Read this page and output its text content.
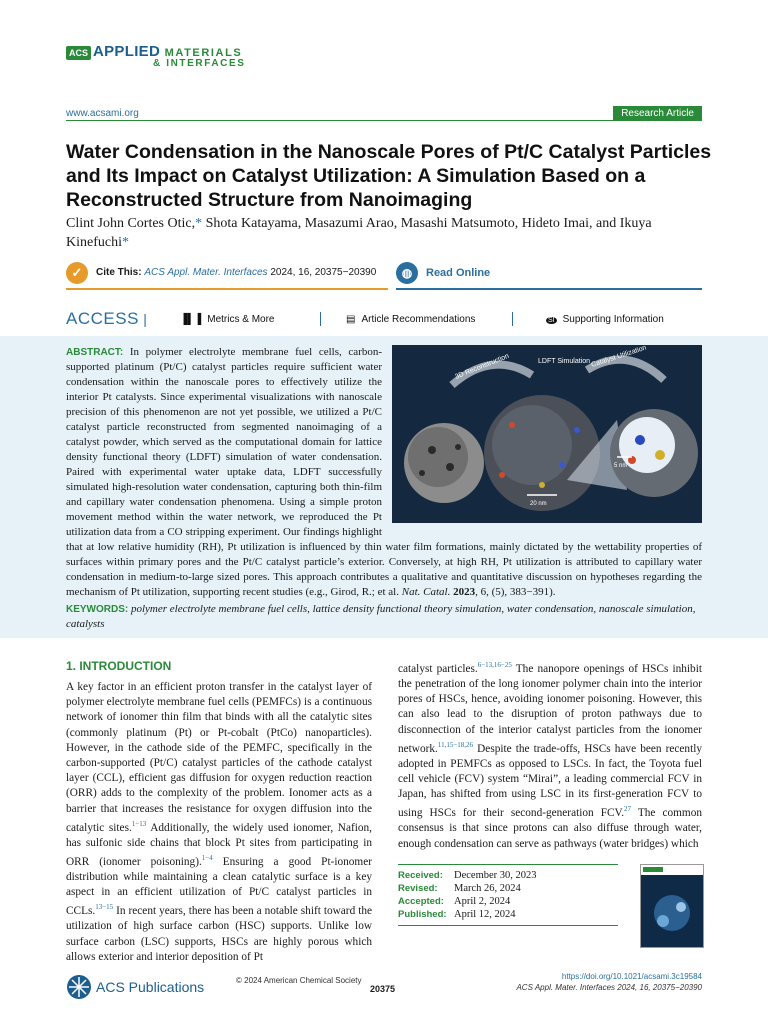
ACS APPLIED MATERIALS
& INTERFACES
www.acsami.org	Research Article
Water Condensation in the Nanoscale Pores of Pt/C Catalyst Particles and Its Impact on Catalyst Utilization: A Simulation Based on a Reconstructed Structure from Nanoimaging
Clint John Cortes Otic,* Shota Katayama, Masazumi Arao, Masashi Matsumoto, Hideto Imai, and Ikuya Kinefuchi*
✓	Cite This: ACS Appl. Mater. Interfaces 2024, 16, 20375−20390	◍	Read Online
ACCESS |	▐▌▐ Metrics & More	▤ Article Recommendations	SI Supporting Information
3D Reconstruction	Catalyst Utilization
LDFT Simulation
20 nm
5 nm
ABSTRACT: In polymer electrolyte membrane fuel cells, carbon-supported platinum (Pt/C) catalyst particles require sufficient water condensation within the nanoscale pores to effectively utilize the interior Pt catalysts. Since experimental visualizations with nanoscale precision of this phenomenon are not yet possible, we utilized a Pt/C catalyst particle reconstructed from segmented nanoimaging of a catalyst powder, which served as the computational domain for lattice density functional theory (LDFT) simulation of water condensation. Paired with experimental water uptake data, LDFT successfully simulated high-resolution water condensation, capturing both thin-film and capillary water condensation phenomena. Using a simple proton movement method within the water network, we reproduced the Pt utilization data from a CO stripping experiment. Our findings highlight that at low relative humidity (RH), Pt utilization is influenced by thin water film formations, mainly dictated by the wettability properties of surfaces within primary pores and the Pt/C catalyst particle’s exterior. Conversely, at high RH, Pt utilization is attributed to capillary water condensation in medium-to-large sized pores. This approach contributes a qualitative and quantitative discussion on hypotheses regarding the mechanism of Pt utilization, supporting recent studies (e.g., Girod, R.; et al. Nat. Catal. 2023, 6, (5), 383−391).
KEYWORDS: polymer electrolyte membrane fuel cells, lattice density functional theory simulation, water condensation, nanoscale simulation, catalysts
1. INTRODUCTION

A key factor in an efficient proton transfer in the catalyst layer of polymer electrolyte membrane fuel cells (PEMFCs) is a continuous network of ionomer thin film that binds with all the catalytic sites (commonly platinum (Pt) or Pt-cobalt (PtCo) nanoparticles). However, in the cathode side of the PEMFC, specifically in the carbon-supported (Pt/C) catalyst particles of the cathode catalyst layer (CCL), efficient gas diffusion for oxygen reduction reaction (ORR) adds to the complexity of the problem. Ionomer acts as a barrier that increases the resistance for oxygen diffusion into the catalytic sites.$^{1-13}$ Additionally, the widely used ionomer, Nafion, has sulfonic side chains that block Pt sites from participating in ORR (ionomer poisoning).$^{1-4}$ Ensuring a good Pt-ionomer distribution while maintaining a clean catalytic surface is a key aspect in an efficient utilization of Pt/C catalyst particles in CCLs.$^{13-15}$ In recent years, there has been a notable shift toward the utilization of high surface carbon (HSC) supports. Unlike low surface carbon (LSC) supports, HSCs are highly porous which allows exterior and interior deposition of Pt

catalyst particles.$^{6-13,16-25}$ The nanopore openings of HSCs inhibit the penetration of the long ionomer polymer chain into the interior pores of HSCs, hence, avoiding ionomer poisoning. However, this can also lead to the disruption of proton pathways due to disconnection of the interior catalyst particles from the ionomer network.$^{11,15-18,26}$ Despite the trade-offs, HSCs have been recently adopted in PEMFCs as opposed to LSCs. In fact, the Toyota fuel cell vehicle (FCV) system “Mirai”, a leading commercial FCV in Japan, has shifted from using LSC in its first-generation FCV to using HSCs for their second-generation FCV.$^{27}$ The common consensus is that since protons can also diffuse through water, enough condensation can serve as pathways (water bridges) which

Received:	December 30, 2023
Revised:	March 26, 2024
Accepted:	April 2, 2024
Published:	April 12, 2024
ACS Publications	© 2024 American Chemical Society
20375
https://doi.org/10.1021/acsami.3c19584
ACS Appl. Mater. Interfaces 2024, 16, 20375−20390
